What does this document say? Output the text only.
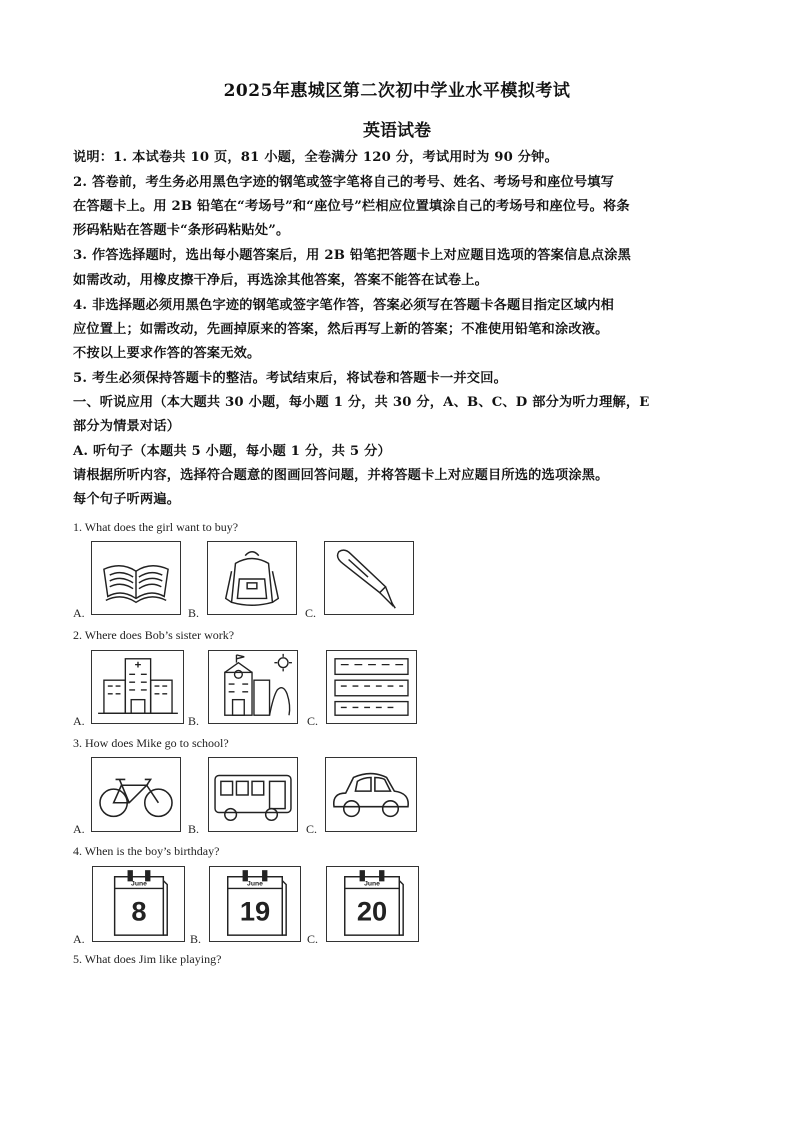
2025年惠城区第二次初中学业水平模拟考试
英语试卷
说明：1. 本试卷共 10 页，81 小题，全卷满分 120 分，考试用时为 90 分钟。
2. 答卷前，考生务必用黑色字迹的钢笔或签字笔将自己的考号、姓名、考场号和座位号填写
在答题卡上。用 2B 铅笔在“考场号”和“座位号”栏相应位置填涂自己的考场号和座位号。将条
形码粘贴在答题卡“条形码粘贴处”。
3. 作答选择题时，选出每小题答案后，用 2B 铅笔把答题卡上对应题目选项的答案信息点涂黑
如需改动，用橡皮擦干净后，再选涂其他答案，答案不能答在试卷上。
4. 非选择题必须用黑色字迹的钢笔或签字笔作答，答案必须写在答题卡各题目指定区域内相
应位置上；如需改动，先画掉原来的答案，然后再写上新的答案；不准使用铅笔和涂改液。
不按以上要求作答的答案无效。
5. 考生必须保持答题卡的整洁。考试结束后，将试卷和答题卡一并交回。
一、听说应用（本大题共 30 小题，每小题 1 分，共 30 分，A、B、C、D 部分为听力理解，E
部分为情景对话）
A. 听句子（本题共 5 小题，每小题 1 分，共 5 分）
请根据所听内容，选择符合题意的图画回答问题，并将答题卡上对应题目所选的选项涂黑。
每个句子听两遍。
1. What does the girl want to buy?
A.	B.	C.
2. Where does Bob’s sister work?
A.	B.	C.
3. How does Mike go to school?
A.	B.	C.
4. When is the boy’s birthday?
A.
June
8
B.
June
19
C.
June
20
5. What does Jim like playing?
